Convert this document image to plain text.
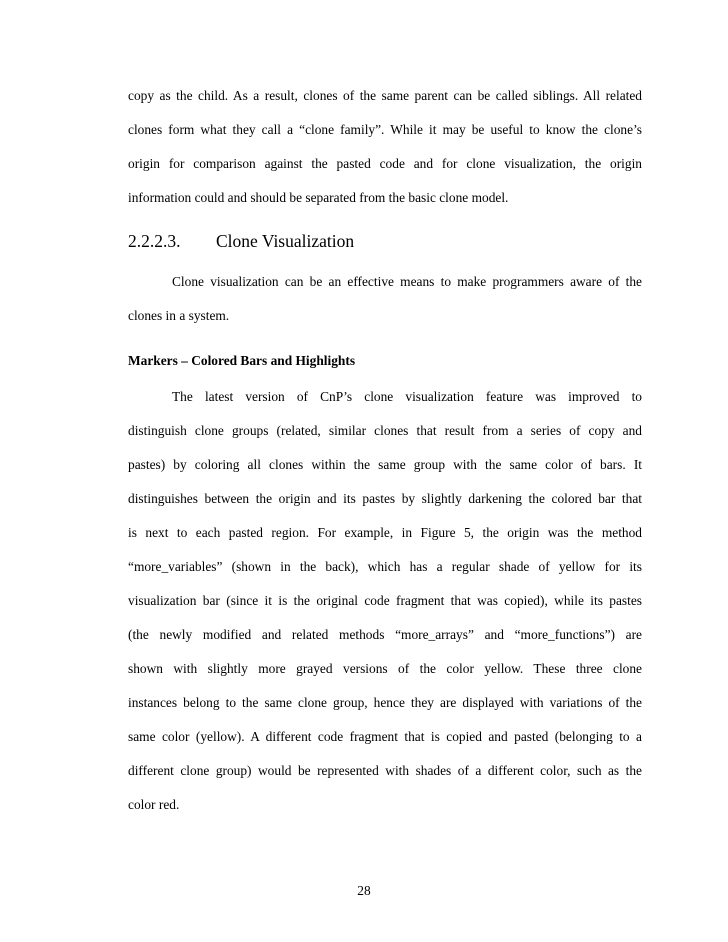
copy as the child. As a result, clones of the same parent can be called siblings. All related
clones form what they call a “clone family”. While it may be useful to know the clone’s
origin for comparison against the pasted code and for clone visualization, the origin
information could and should be separated from the basic clone model.
2.2.2.3. Clone Visualization
Clone visualization can be an effective means to make programmers aware of the
clones in a system.
Markers – Colored Bars and Highlights
The latest version of CnP’s clone visualization feature was improved to
distinguish clone groups (related, similar clones that result from a series of copy and
pastes) by coloring all clones within the same group with the same color of bars. It
distinguishes between the origin and its pastes by slightly darkening the colored bar that
is next to each pasted region. For example, in Figure 5, the origin was the method
“more_variables” (shown in the back), which has a regular shade of yellow for its
visualization bar (since it is the original code fragment that was copied), while its pastes
(the newly modified and related methods “more_arrays” and “more_functions”) are
shown with slightly more grayed versions of the color yellow. These three clone
instances belong to the same clone group, hence they are displayed with variations of the
same color (yellow). A different code fragment that is copied and pasted (belonging to a
different clone group) would be represented with shades of a different color, such as the
color red.
28
